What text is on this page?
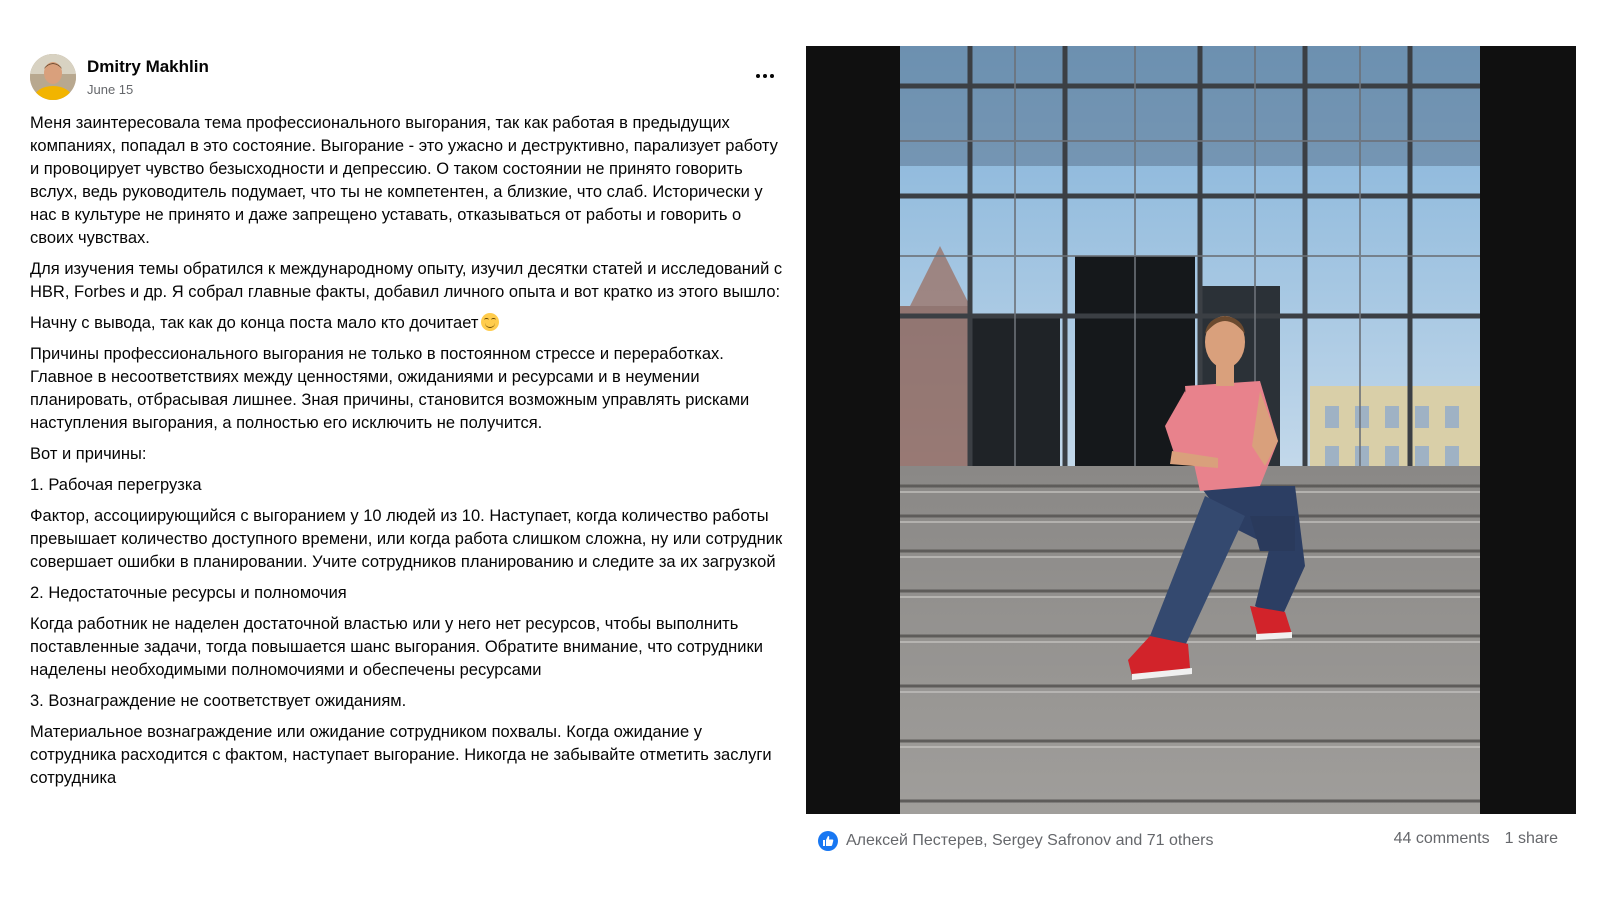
Dmitry Makhlin
June 15

Меня заинтересовала тема профессионального выгорания, так как работая в предыдущих компаниях, попадал в это состояние. Выгорание - это ужасно и деструктивно, парализует работу и провоцирует чувство безысходности и депрессию. О таком состоянии не принято говорить вслух, ведь руководитель подумает, что ты не компетентен, а близкие, что слаб. Исторически у нас в культуре не принято и даже запрещено уставать, отказываться от работы и говорить о своих чувствах.

Для изучения темы обратился к международному опыту, изучил десятки статей и исследований с HBR, Forbes и др. Я собрал главные факты, добавил личного опыта и вот кратко из этого вышло:

Начну с вывода, так как до конца поста мало кто дочитает

Причины профессионального выгорания не только в постоянном стрессе и переработках. Главное в несоответствиях между ценностями, ожиданиями и ресурсами и в неумении планировать, отбрасывая лишнее. Зная причины, становится возможным управлять рисками наступления выгорания, а полностью его исключить не получится.

Вот и причины:

1. Рабочая перегрузка

Фактор, ассоциирующийся с выгоранием у 10 людей из 10. Наступает, когда количество работы превышает количество доступного времени, или когда работа слишком сложна, ну или сотрудник совершает ошибки в планировании. Учите сотрудников планированию и следите за их загрузкой

2. Недостаточные ресурсы и полномочия

Когда работник не наделен достаточной властью или у него нет ресурсов, чтобы выполнить поставленные задачи, тогда повышается шанс выгорания. Обратите внимание, что сотрудники наделены необходимыми полномочиями и обеспечены ресурсами

3. Вознаграждение не соответствует ожиданиям.

Материальное вознаграждение или ожидание сотрудником похвалы. Когда ожидание у сотрудника расходится с фактом, наступает выгорание. Никогда не забывайте отметить заслуги сотрудника

Алексей Пестерев, Sergey Safronov and 71 others	44 comments 1 share
